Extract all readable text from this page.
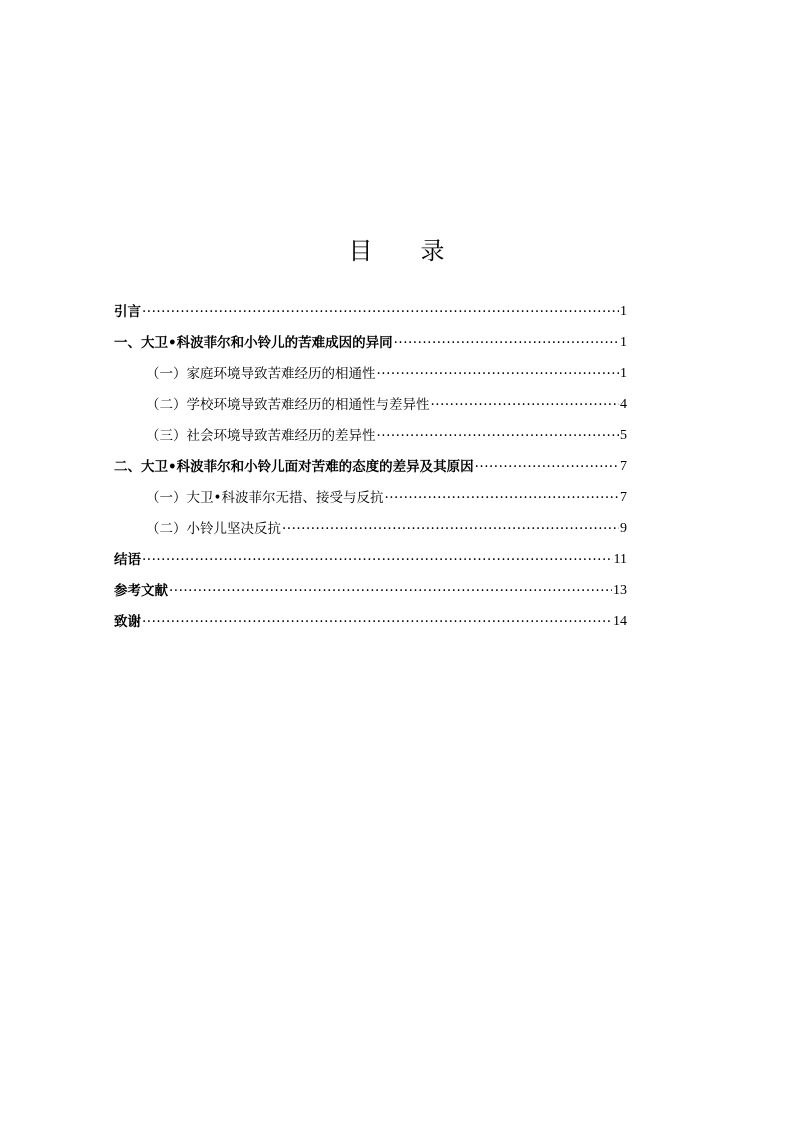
目 录
引言 ·····	1
一、大卫•科波菲尔和小铃儿的苦难成因的异同 ·····	1
（一）家庭环境导致苦难经历的相通性 ·····	1
（二）学校环境导致苦难经历的相通性与差异性 ·····	4
（三）社会环境导致苦难经历的差异性 ·····	5
二、大卫•科波菲尔和小铃儿面对苦难的态度的差异及其原因 ·····	7
（一）大卫•科波菲尔无措、接受与反抗 ·····	7
（二）小铃儿坚决反抗 ·····	9
结语 ·····	11
参考文献 ·····	13
致谢 ·····	14
